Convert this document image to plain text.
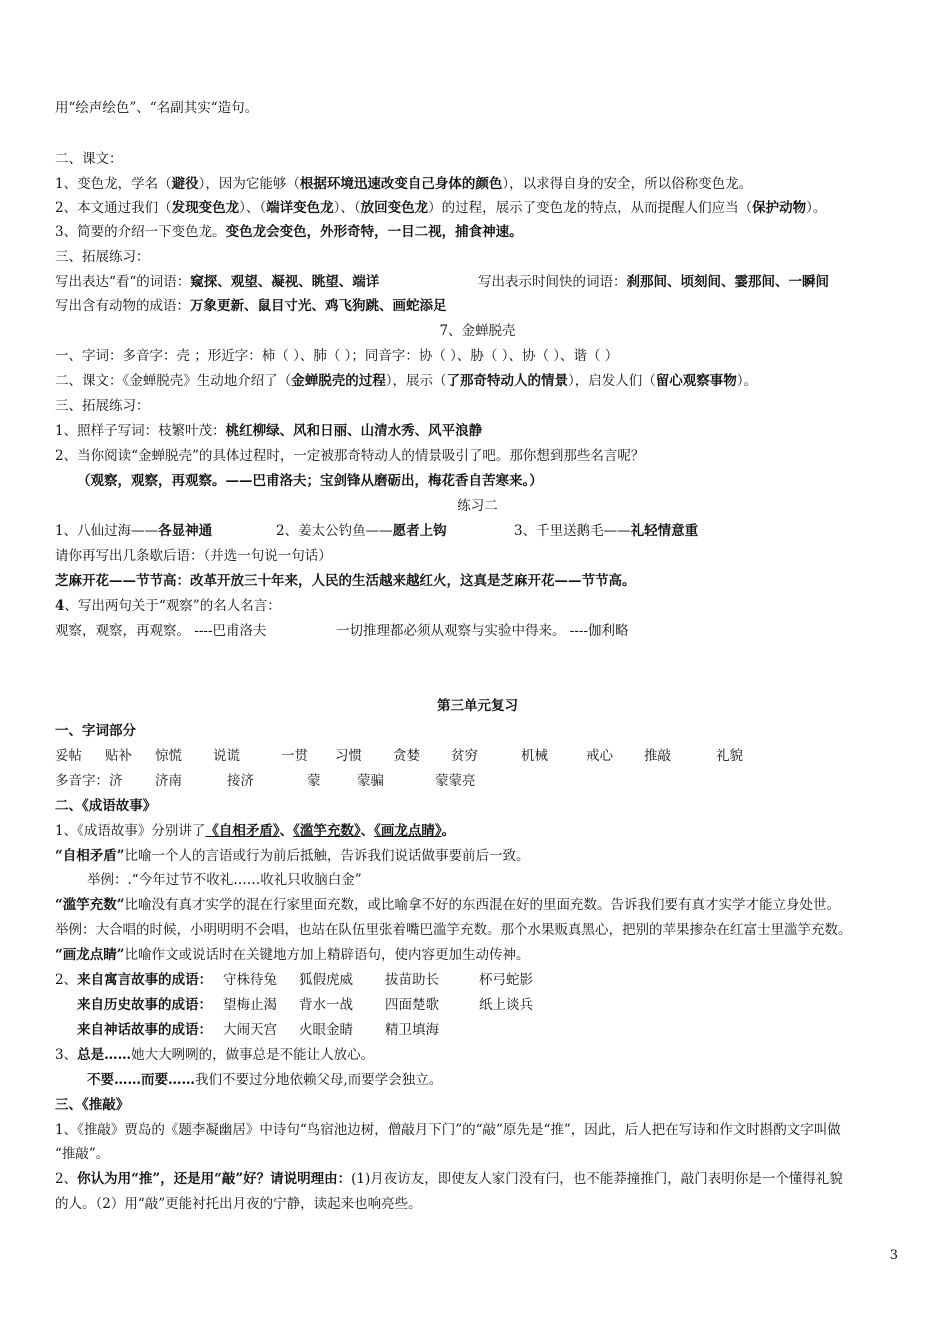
用“绘声绘色”、“名副其实“造句。
二、课文：
1、变色龙，学名（避役），因为它能够（根据环境迅速改变自己身体的颜色），以求得自身的安全，所以俗称变色龙。
2、本文通过我们（发现变色龙）、（端详变色龙）、（放回变色龙）的过程，展示了变色龙的特点，从而提醒人们应当（保护动物）。
3、简要的介绍一下变色龙。变色龙会变色，外形奇特，一目二视，捕食神速。
三、拓展练习：
写出表达“看“的词语：窥探、观望、凝视、眺望、端详	写出表示时间快的词语：刹那间、顷刻间、霎那间、一瞬间
写出含有动物的成语：万象更新、鼠目寸光、鸡飞狗跳、画蛇添足
7、金蝉脱壳
一、字词：多音字：壳 ；形近字：柿（ ）、肺（ ）；同音字：协（ ）、胁（ ）、协（ ）、谐（ ）
二、课文：《金蝉脱壳》生动地介绍了（金蝉脱壳的过程），展示（了那奇特动人的情景），启发人们（留心观察事物）。
三、拓展练习：
1、照样子写词：枝繁叶茂：桃红柳绿、风和日丽、山清水秀、风平浪静
2、当你阅读“金蝉脱壳”的具体过程时，一定被那奇特动人的情景吸引了吧。那你想到那些名言呢？
（观察，观察，再观察。——巴甫洛夫；宝剑锋从磨砺出，梅花香自苦寒来。）
练习二
1、八仙过海——各显神通	2、姜太公钓鱼——愿者上钩	3、千里送鹅毛——礼轻情意重
请你再写出几条歇后语：（并选一句说一句话）
芝麻开花——节节高：改革开放三十年来，人民的生活越来越红火，这真是芝麻开花——节节高。
4、写出两句关于“观察”的名人名言：
观察，观察，再观察。 ----巴甫洛夫	一切推理都必须从观察与实验中得来。 ----伽利略
第三单元复习
一、字词部分
妥帖 贴补 惊慌 说谎	一贯 习惯 贪婪 贫穷	机械	戒心 推敲	礼貌
多音字：济 济南	接济	蒙	蒙骗	蒙蒙亮
二、《成语故事》
1、《成语故事》分别讲了《自相矛盾》、《滥竽充数》、《画龙点睛》。
“自相矛盾”比喻一个人的言语或行为前后抵触，告诉我们说话做事要前后一致。
举例：.“今年过节不收礼……收礼只收脑白金”
“滥竽充数”比喻没有真才实学的混在行家里面充数，或比喻拿不好的东西混在好的里面充数。告诉我们要有真才实学才能立身处世。
举例：大合唱的时候，小明明明不会唱，也站在队伍里张着嘴巴滥竽充数。那个水果贩真黑心，把别的苹果掺杂在红富士里滥竽充数。
“画龙点睛”比喻作文或说话时在关键地方加上精辟语句，使内容更加生动传神。
2、来自寓言故事的成语： 守株待兔 狐假虎威 拔苗助长	杯弓蛇影
来自历史故事的成语： 望梅止渴 背水一战 四面楚歌	纸上谈兵
来自神话故事的成语： 大闹天宫 火眼金睛 精卫填海
3、总是……她大大咧咧的，做事总是不能让人放心。
不要……而要……我们不要过分地依赖父母,而要学会独立。
三、《推敲》
1、《推敲》贾岛的《题李凝幽居》中诗句“鸟宿池边树，僧敲月下门”的“敲”原先是“推”，因此，后人把在写诗和作文时斟酌文字叫做
“推敲”。
2、你认为用“推”，还是用“敲”好？请说明理由：(1)月夜访友，即使友人家门没有闩，也不能莽撞推门，敲门表明你是一个懂得礼貌
的人。（2）用“敲”更能衬托出月夜的宁静，读起来也响亮些。
3
